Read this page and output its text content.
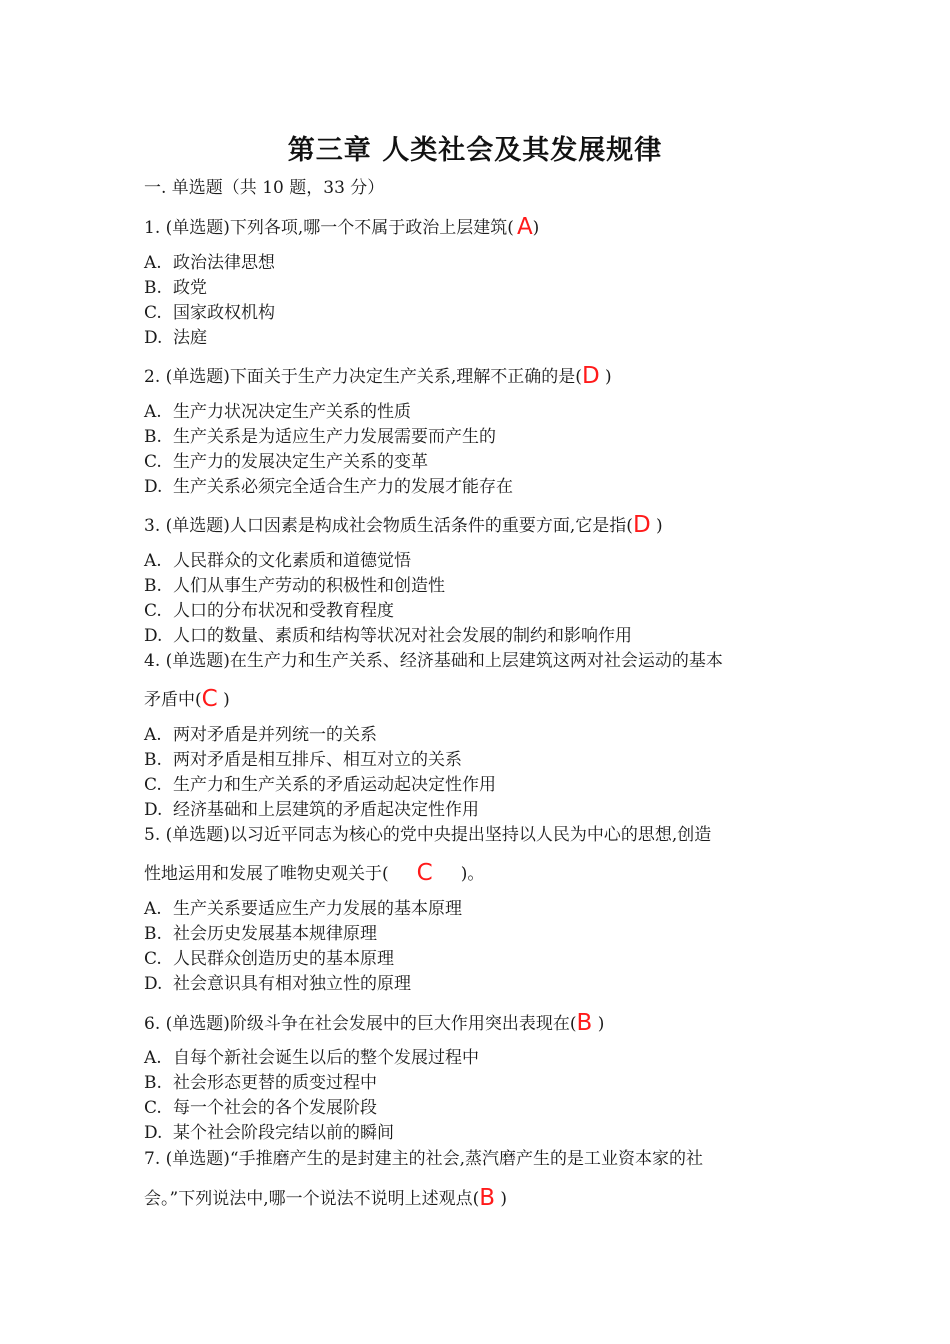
第三章 人类社会及其发展规律
一. 单选题（共 10 题，33 分）
1. (单选题)下列各项,哪一个不属于政治上层建筑( A)
A. 政治法律思想
B. 政党
C. 国家政权机构
D. 法庭
2. (单选题)下面关于生产力决定生产关系,理解不正确的是(D )
A. 生产力状况决定生产关系的性质
B. 生产关系是为适应生产力发展需要而产生的
C. 生产力的发展决定生产关系的变革
D. 生产关系必须完全适合生产力的发展才能存在
3. (单选题)人口因素是构成社会物质生活条件的重要方面,它是指(D )
A. 人民群众的文化素质和道德觉悟
B. 人们从事生产劳动的积极性和创造性
C. 人口的分布状况和受教育程度
D. 人口的数量、素质和结构等状况对社会发展的制约和影响作用
4. (单选题)在生产力和生产关系、经济基础和上层建筑这两对社会运动的基本
矛盾中(C )
A. 两对矛盾是并列统一的关系
B. 两对矛盾是相互排斥、相互对立的关系
C. 生产力和生产关系的矛盾运动起决定性作用
D. 经济基础和上层建筑的矛盾起决定性作用
5. (单选题)以习近平同志为核心的党中央提出坚持以人民为中心的思想,创造
性地运用和发展了唯物史观关于( C )。
A. 生产关系要适应生产力发展的基本原理
B. 社会历史发展基本规律原理
C. 人民群众创造历史的基本原理
D. 社会意识具有相对独立性的原理
6. (单选题)阶级斗争在社会发展中的巨大作用突出表现在(B )
A. 自每个新社会诞生以后的整个发展过程中
B. 社会形态更替的质变过程中
C. 每一个社会的各个发展阶段
D. 某个社会阶段完结以前的瞬间
7. (单选题)“手推磨产生的是封建主的社会,蒸汽磨产生的是工业资本家的社
会。”下列说法中,哪一个说法不说明上述观点(B )
